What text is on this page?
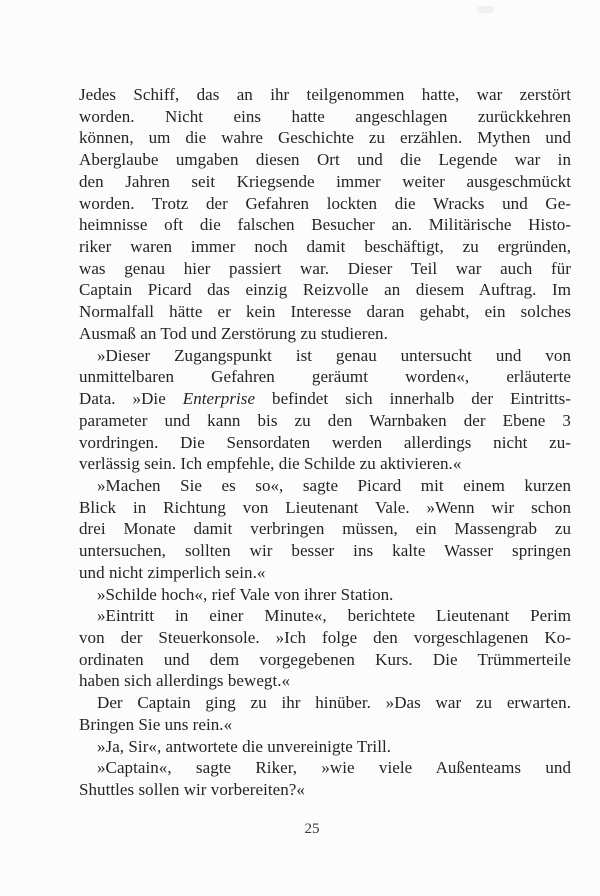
Jedes Schiff, das an ihr teilgenommen hatte, war zerstört
worden. Nicht eins hatte angeschlagen zurückkehren
können, um die wahre Geschichte zu erzählen. Mythen und
Aberglaube umgaben diesen Ort und die Legende war in
den Jahren seit Kriegsende immer weiter ausgeschmückt
worden. Trotz der Gefahren lockten die Wracks und Ge-
heimnisse oft die falschen Besucher an. Militärische Histo-
riker waren immer noch damit beschäftigt, zu ergründen,
was genau hier passiert war. Dieser Teil war auch für
Captain Picard das einzig Reizvolle an diesem Auftrag. Im
Normalfall hätte er kein Interesse daran gehabt, ein solches
Ausmaß an Tod und Zerstörung zu studieren.
»Dieser Zugangspunkt ist genau untersucht und von
unmittelbaren Gefahren geräumt worden«, erläuterte
Data. »Die Enterprise befindet sich innerhalb der Eintritts-
parameter und kann bis zu den Warnbaken der Ebene 3
vordringen. Die Sensordaten werden allerdings nicht zu-
verlässig sein. Ich empfehle, die Schilde zu aktivieren.«
»Machen Sie es so«, sagte Picard mit einem kurzen
Blick in Richtung von Lieutenant Vale. »Wenn wir schon
drei Monate damit verbringen müssen, ein Massengrab zu
untersuchen, sollten wir besser ins kalte Wasser springen
und nicht zimperlich sein.«
»Schilde hoch«, rief Vale von ihrer Station.
»Eintritt in einer Minute«, berichtete Lieutenant Perim
von der Steuerkonsole. »Ich folge den vorgeschlagenen Ko-
ordinaten und dem vorgegebenen Kurs. Die Trümmerteile
haben sich allerdings bewegt.«
Der Captain ging zu ihr hinüber. »Das war zu erwarten.
Bringen Sie uns rein.«
»Ja, Sir«, antwortete die unvereinigte Trill.
»Captain«, sagte Riker, »wie viele Außenteams und
Shuttles sollen wir vorbereiten?«
25
